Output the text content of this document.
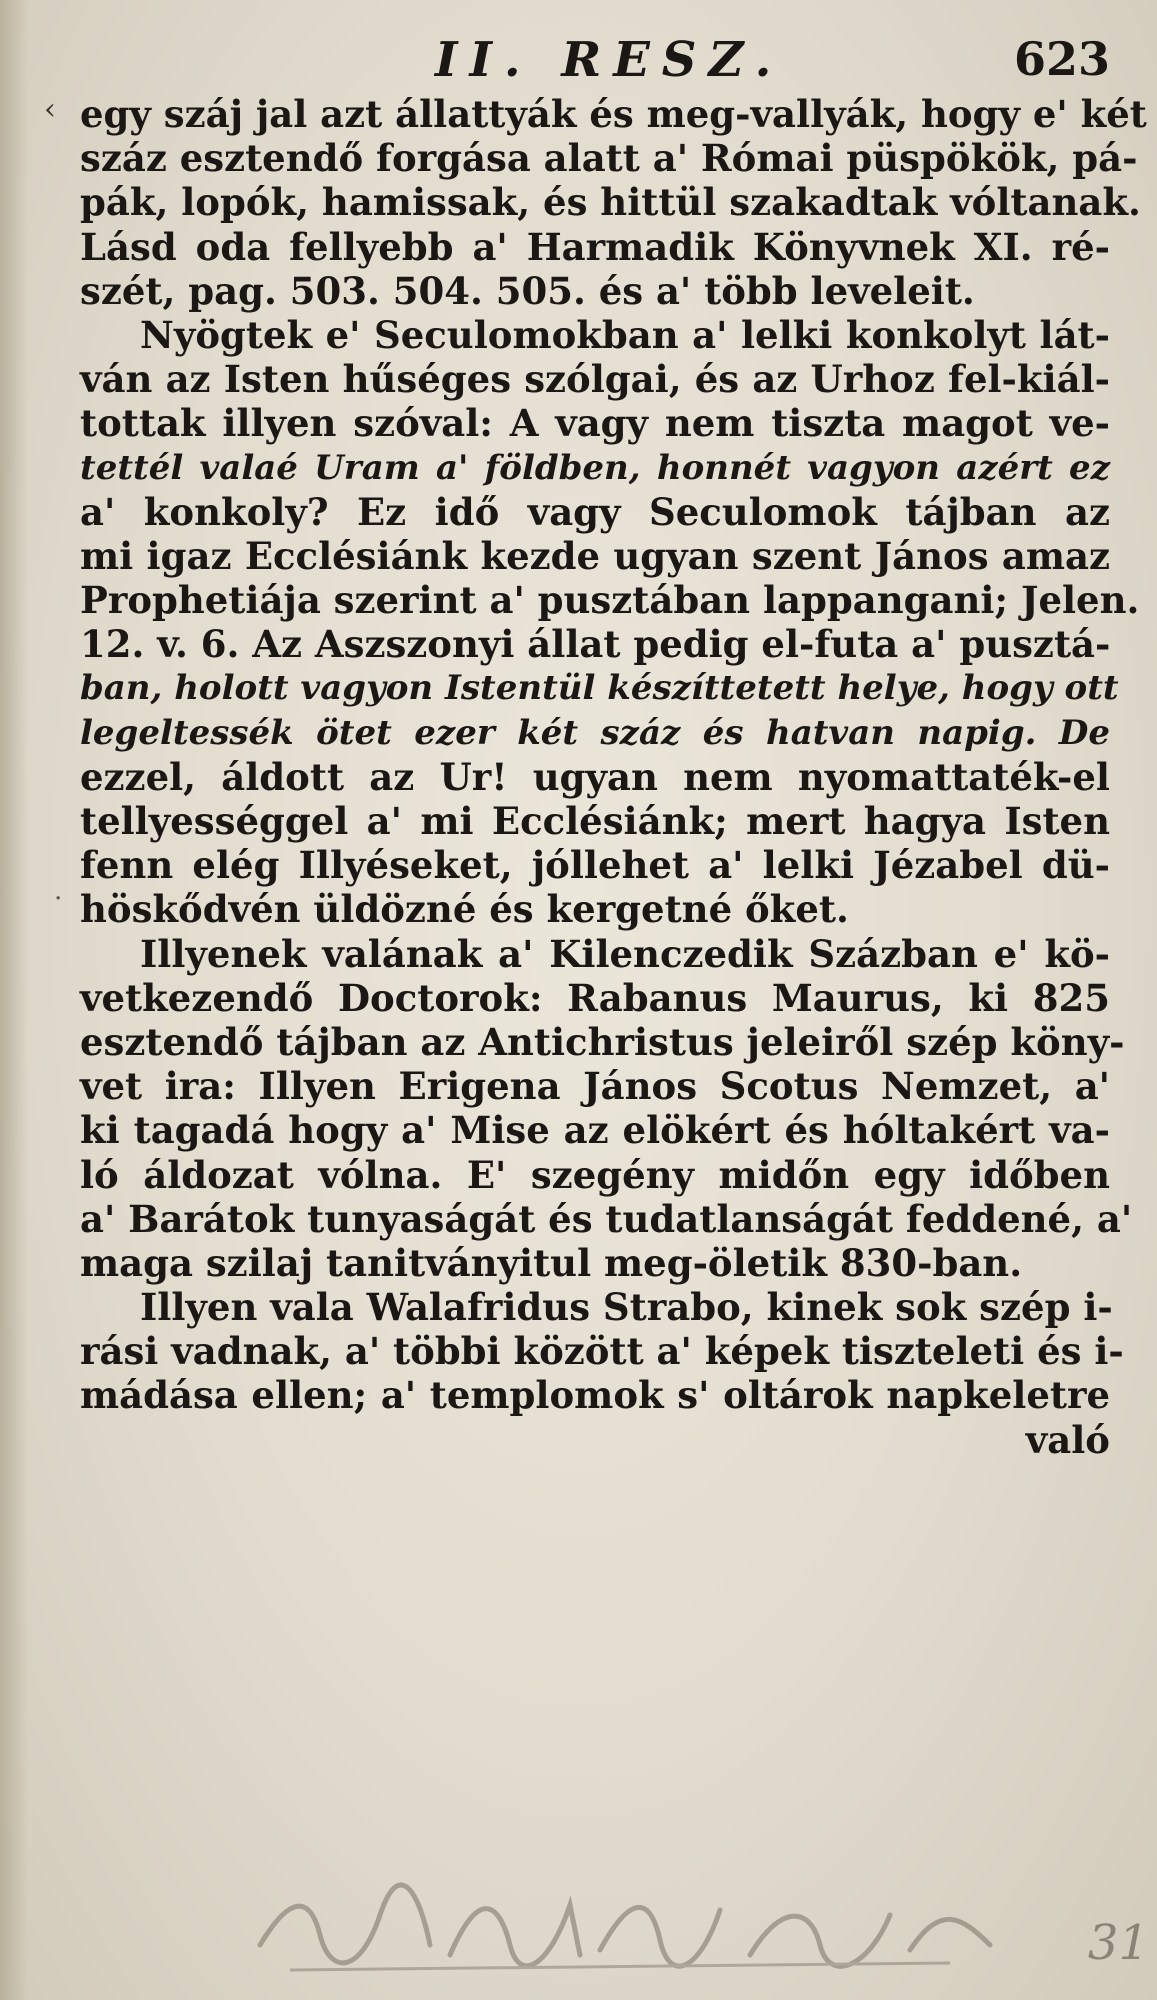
II. RESZ.	623
‹
.
egy száj jal azt állattyák és meg-vallyák, hogy e' két
száz esztendő forgása alatt a' Római püspökök, pá-
pák, lopók, hamissak, és hittül szakadtak vóltanak.
Lásd oda fellyebb a' Harmadik Könyvnek XI. ré-
szét, pag. 503. 504. 505. és a' több leveleit.
Nyögtek e' Seculomokban a' lelki konkolyt lát-
ván az Isten hűséges szólgai, és az Urhoz fel-kiál-
tottak illyen szóval: A vagy nem tiszta magot ve-
tettél valaé Uram a' földben, honnét vagyon azért ez
a' konkoly? Ez idő vagy Seculomok tájban az
mi igaz Ecclésiánk kezde ugyan szent János amaz
Prophetiája szerint a' pusztában lappangani; Jelen.
12. v. 6. Az Aszszonyi állat pedig el-futa a' pusztá-
ban, holott vagyon Istentül készíttetett helye, hogy ott
legeltessék ötet ezer két száz és hatvan napig. De
ezzel, áldott az Ur! ugyan nem nyomattaték-el
tellyességgel a' mi Ecclésiánk; mert hagya Isten
fenn elég Illyéseket, jóllehet a' lelki Jézabel dü-
höskődvén üldözné és kergetné őket.
Illyenek valának a' Kilenczedik Százban e' kö-
vetkezendő Doctorok: Rabanus Maurus, ki 825
esztendő tájban az Antichristus jeleiről szép köny-
vet ira: Illyen Erigena János Scotus Nemzet, a'
ki tagadá hogy a' Mise az elökért és hóltakért va-
ló áldozat vólna. E' szegény midőn egy időben
a' Barátok tunyaságát és tudatlanságát feddené, a'
maga szilaj tanitványitul meg-öletik 830-ban.
Illyen vala Walafridus Strabo, kinek sok szép i-
rási vadnak, a' többi között a' képek tiszteleti és i-
mádása ellen; a' templomok s' oltárok napkeletre
való
31
